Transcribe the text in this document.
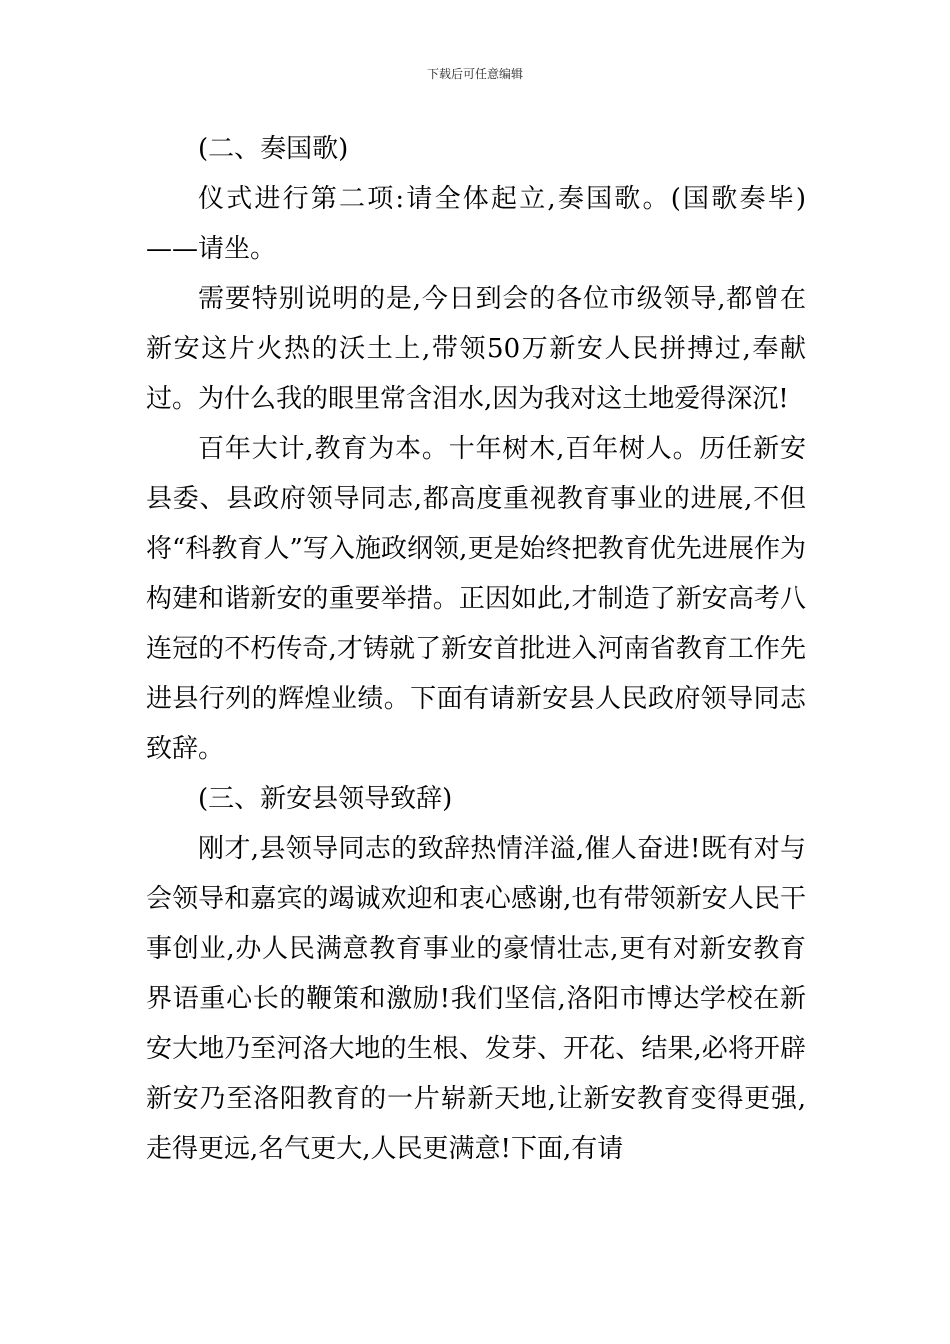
下载后可任意编辑

(二、奏国歌)

仪式进行第二项:请全体起立,奏国歌。(国歌奏毕)——请坐。

需要特别说明的是,今日到会的各位市级领导,都曾在新安这片火热的沃土上,带领50万新安人民拼搏过,奉献过。为什么我的眼里常含泪水,因为我对这土地爱得深沉!

百年大计,教育为本。十年树木,百年树人。历任新安县委、县政府领导同志,都高度重视教育事业的进展,不但将“科教育人”写入施政纲领,更是始终把教育优先进展作为构建和谐新安的重要举措。正因如此,才制造了新安高考八连冠的不朽传奇,才铸就了新安首批进入河南省教育工作先进县行列的辉煌业绩。下面有请新安县人民政府领导同志致辞。

(三、新安县领导致辞)

刚才,县领导同志的致辞热情洋溢,催人奋进!既有对与会领导和嘉宾的竭诚欢迎和衷心感谢,也有带领新安人民干事创业,办人民满意教育事业的豪情壮志,更有对新安教育界语重心长的鞭策和激励!我们坚信,洛阳市博达学校在新安大地乃至河洛大地的生根、发芽、开花、结果,必将开辟新安乃至洛阳教育的一片崭新天地,让新安教育变得更强,走得更远,名气更大,人民更满意!下面,有请
